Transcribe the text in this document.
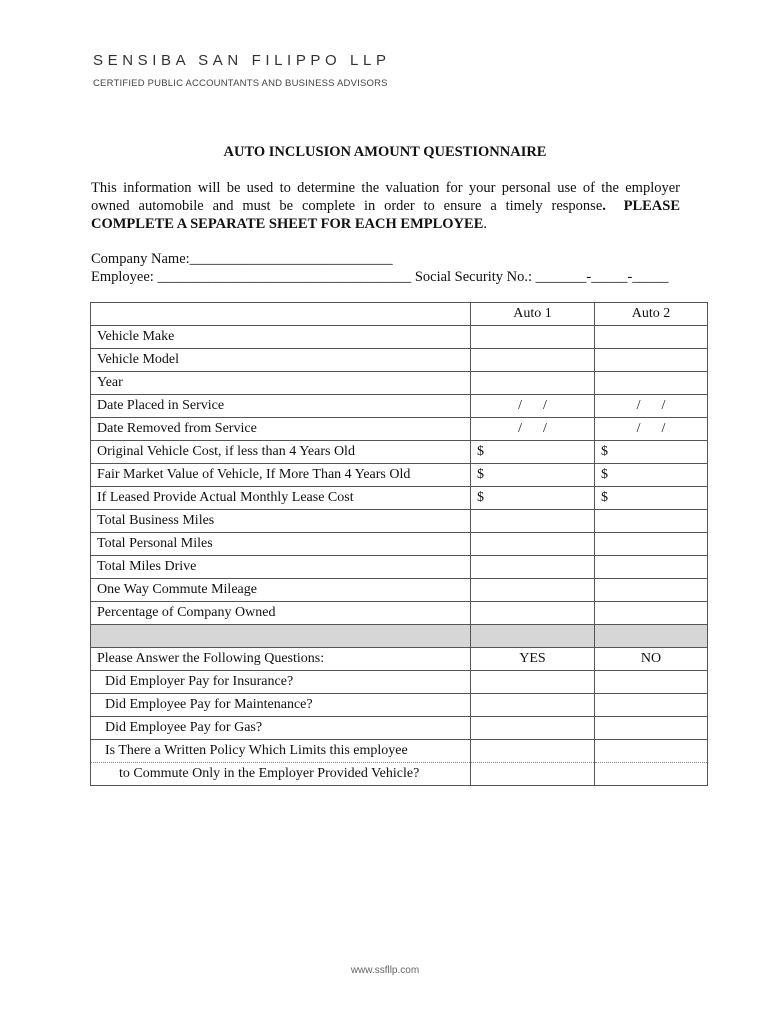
SENSIBA SAN FILIPPO LLP
CERTIFIED PUBLIC ACCOUNTANTS AND BUSINESS ADVISORS
AUTO INCLUSION AMOUNT QUESTIONNAIRE
This information will be used to determine the valuation for your personal use of the employer owned automobile and must be complete in order to ensure a timely response. PLEASE COMPLETE A SEPARATE SHEET FOR EACH EMPLOYEE.
Company Name:____________________________
Employee: ___________________________________ Social Security No.: _______-_____-_____
	Auto 1	Auto 2
Vehicle Make		
Vehicle Model		
Year		
Date Placed in Service	/      /	/      /
Date Removed from Service	/      /	/      /
Original Vehicle Cost, if less than 4 Years Old	$	$
Fair Market Value of Vehicle, If More Than 4 Years Old	$	$
If Leased Provide Actual Monthly Lease Cost	$	$
Total Business Miles		
Total Personal Miles		
Total Miles Drive		
One Way Commute Mileage		
Percentage of Company Owned		

Please Answer the Following Questions:	YES	NO
Did Employer Pay for Insurance?		
Did Employee Pay for Maintenance?		
Did Employee Pay for Gas?		
Is There a Written Policy Which Limits this employee		
to Commute Only in the Employer Provided Vehicle?		
www.ssfllp.com
